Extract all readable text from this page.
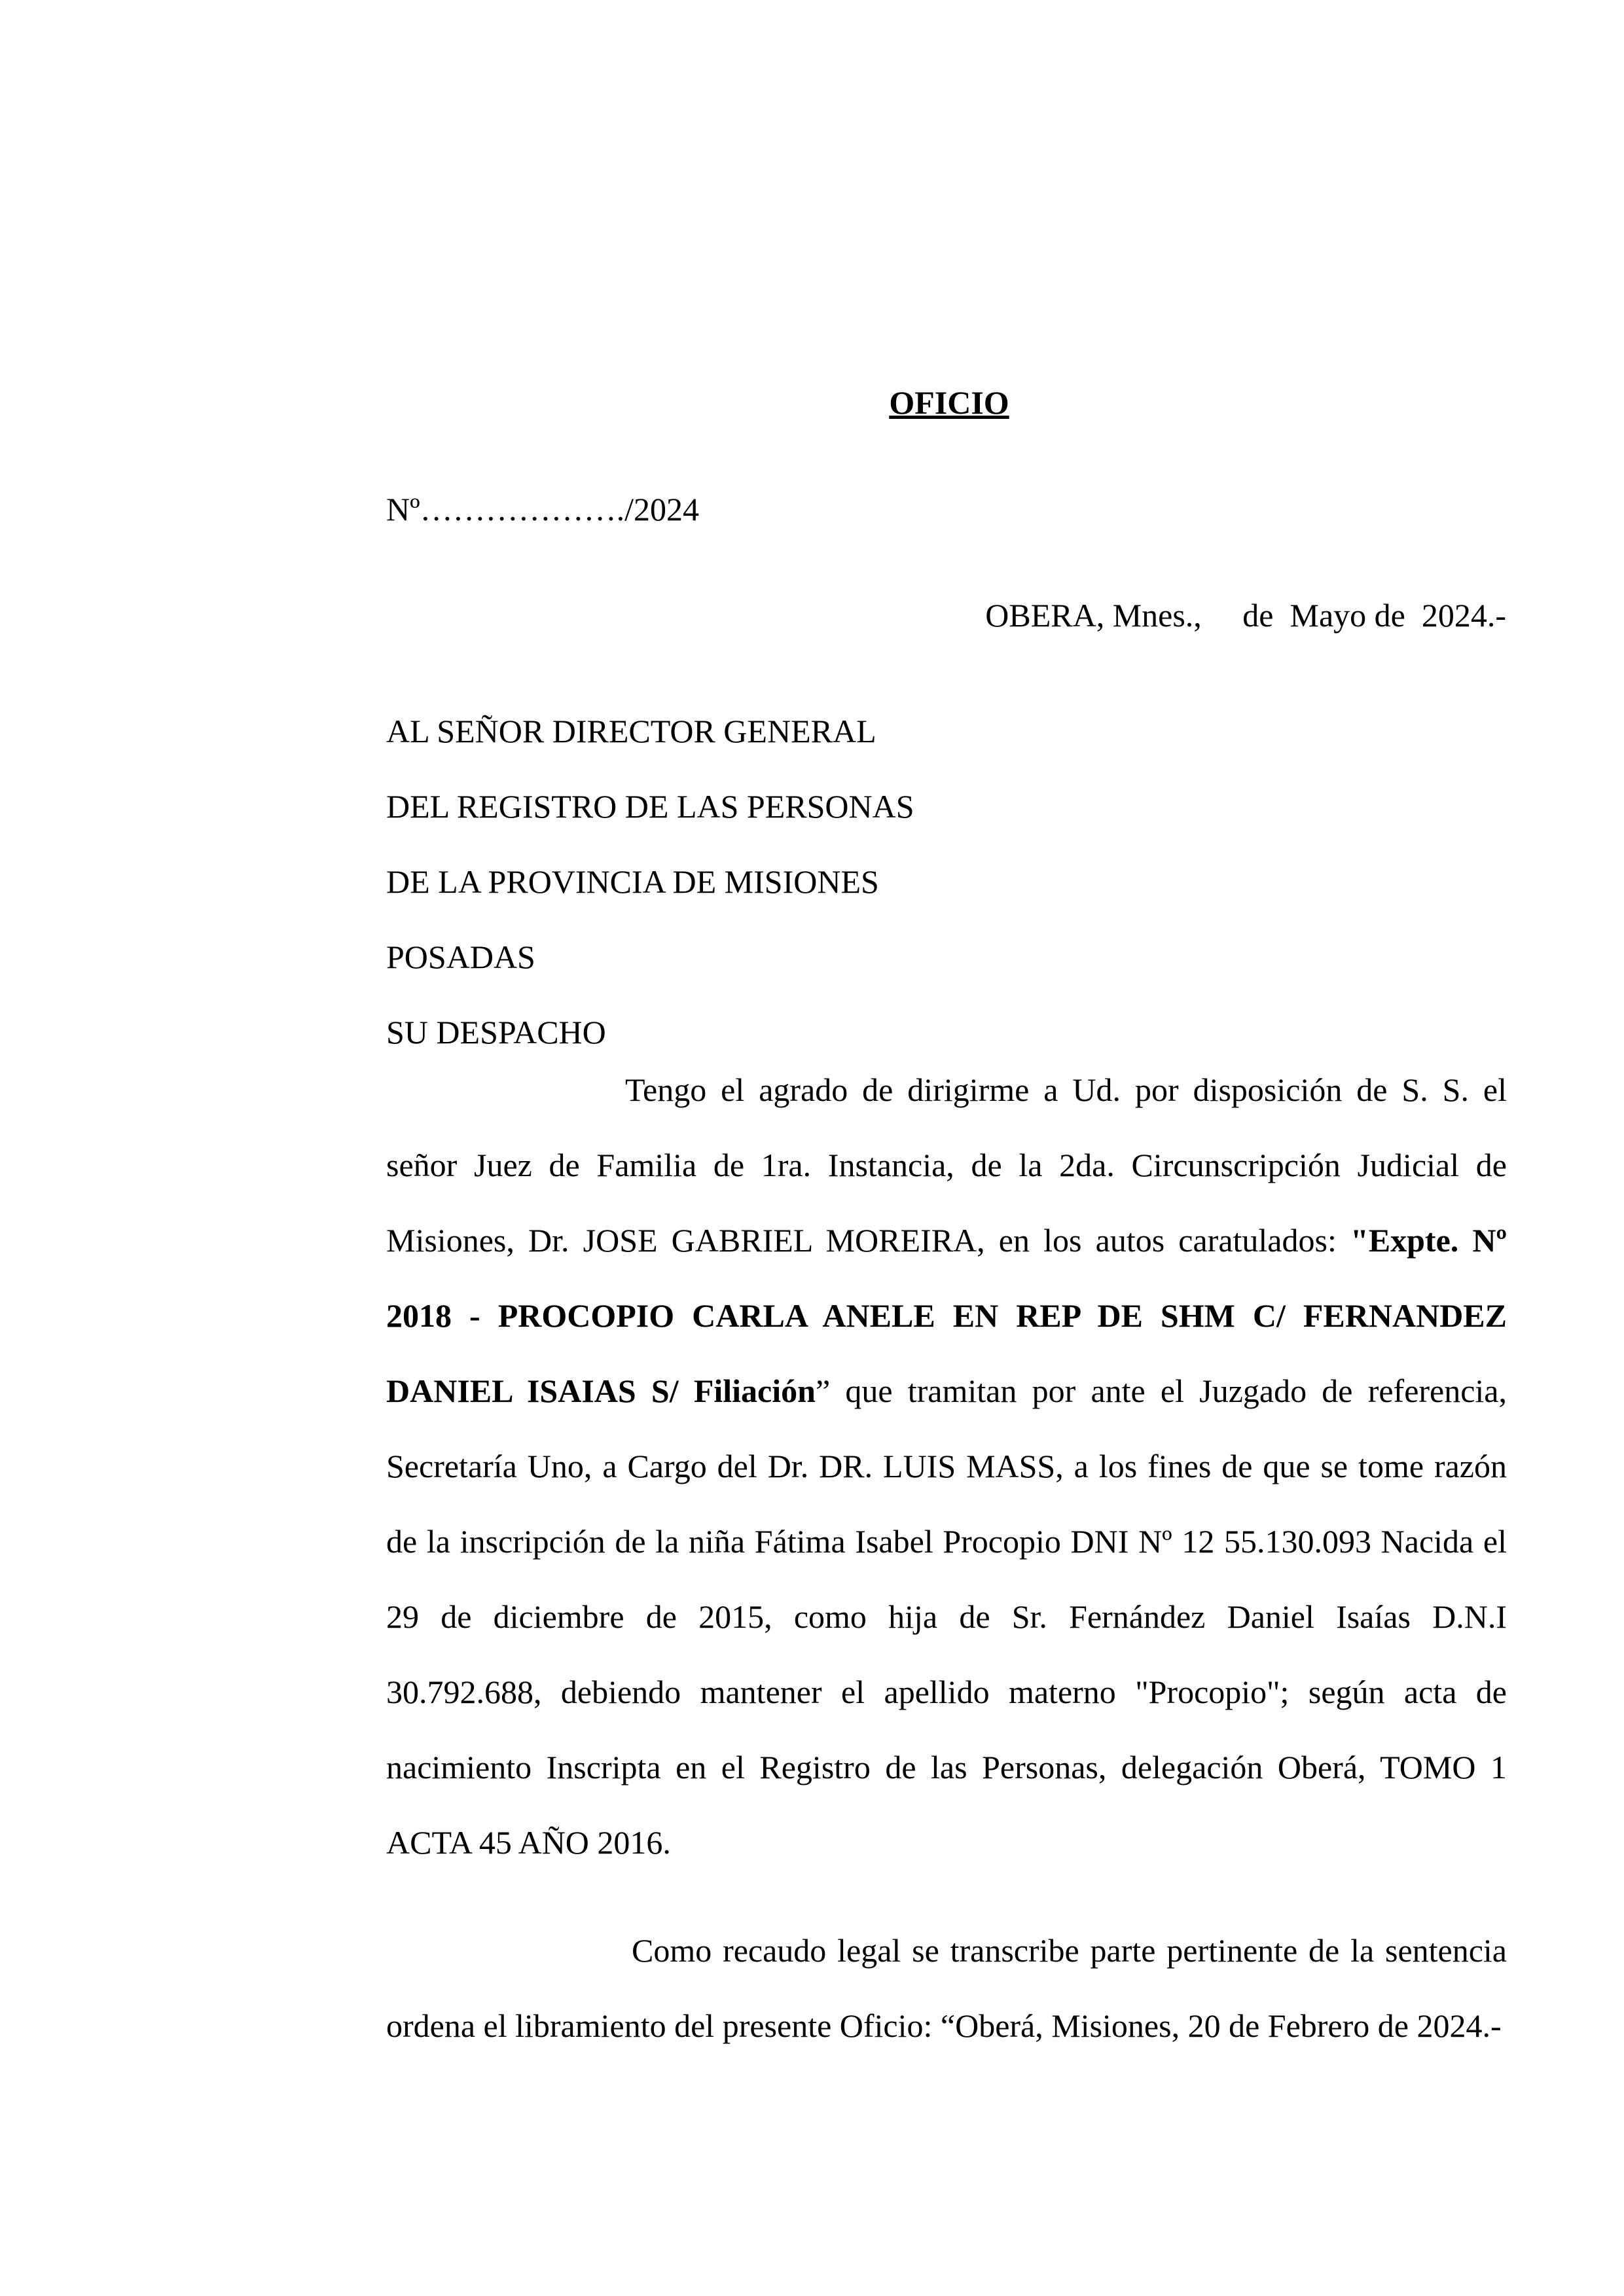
OFICIO
Nº………………./2024
OBERA, Mnes.,     de  Mayo de  2024.-
AL SEÑOR DIRECTOR GENERAL
DEL REGISTRO DE LAS PERSONAS
DE LA PROVINCIA DE MISIONES
POSADAS
SU DESPACHO

Tengo el agrado de dirigirme a Ud. por disposición de S. S. el señor Juez de Familia de 1ra. Instancia, de la 2da. Circunscripción Judicial de Misiones, Dr. JOSE GABRIEL MOREIRA, en los autos caratulados: "Expte. Nº 2018 - PROCOPIO CARLA ANELE EN REP DE SHM C/ FERNANDEZ DANIEL ISAIAS S/ Filiación” que tramitan por ante el Juzgado de referencia, Secretaría Uno, a Cargo del Dr. DR. LUIS MASS, a los fines de que se tome razón de la inscripción de la niña Fátima Isabel Procopio DNI Nº 12 55.130.093 Nacida el 29 de diciembre de 2015, como hija de Sr. Fernández Daniel Isaías D.N.I 30.792.688, debiendo mantener el apellido materno "Procopio"; según acta de nacimiento Inscripta en el Registro de las Personas, delegación Oberá, TOMO 1 ACTA 45 AÑO 2016.

Como recaudo legal se transcribe parte pertinente de la sentencia ordena el libramiento del presente Oficio: “Oberá, Misiones, 20 de Febrero de 2024.-
